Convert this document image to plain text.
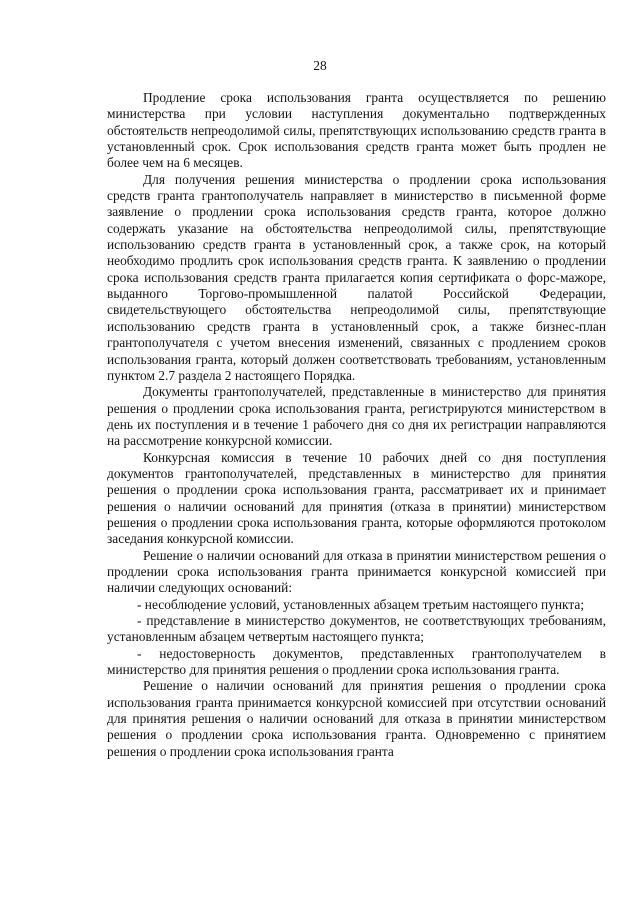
28

Продление срока использования гранта осуществляется по решению министерства при условии наступления документально подтвержденных обстоятельств непреодолимой силы, препятствующих использованию средств гранта в установленный срок. Срок использования средств гранта может быть продлен не более чем на 6 месяцев.

Для получения решения министерства о продлении срока использования средств гранта грантополучатель направляет в министерство в письменной форме заявление о продлении срока использования средств гранта, которое должно содержать указание на обстоятельства непреодолимой силы, препятствующие использованию средств гранта в установленный срок, а также срок, на который необходимо продлить срок использования средств гранта. К заявлению о продлении срока использования средств гранта прилагается копия сертификата о форс-мажоре, выданного Торгово-промышленной палатой Российской Федерации, свидетельствующего обстоятельства непреодолимой силы, препятствующие использованию средств гранта в установленный срок, а также бизнес-план грантополучателя с учетом внесения изменений, связанных с продлением сроков использования гранта, который должен соответствовать требованиям, установленным пунктом 2.7 раздела 2 настоящего Порядка.

Документы грантополучателей, представленные в министерство для принятия решения о продлении срока использования гранта, регистрируются министерством в день их поступления и в течение 1 рабочего дня со дня их регистрации направляются на рассмотрение конкурсной комиссии.

Конкурсная комиссия в течение 10 рабочих дней со дня поступления документов грантополучателей, представленных в министерство для принятия решения о продлении срока использования гранта, рассматривает их и принимает решения о наличии оснований для принятия (отказа в принятии) министерством решения о продлении срока использования гранта, которые оформляются протоколом заседания конкурсной комиссии.

Решение о наличии оснований для отказа в принятии министерством решения о продлении срока использования гранта принимается конкурсной комиссией при наличии следующих оснований:

- несоблюдение условий, установленных абзацем третьим настоящего пункта;

- представление в министерство документов, не соответствующих требованиям, установленным абзацем четвертым настоящего пункта;

- недостоверность документов, представленных грантополучателем в министерство для принятия решения о продлении срока использования гранта.

Решение о наличии оснований для принятия решения о продлении срока использования гранта принимается конкурсной комиссией при отсутствии оснований для принятия решения о наличии оснований для отказа в принятии министерством решения о продлении срока использования гранта. Одновременно с принятием решения о продлении срока использования гранта
